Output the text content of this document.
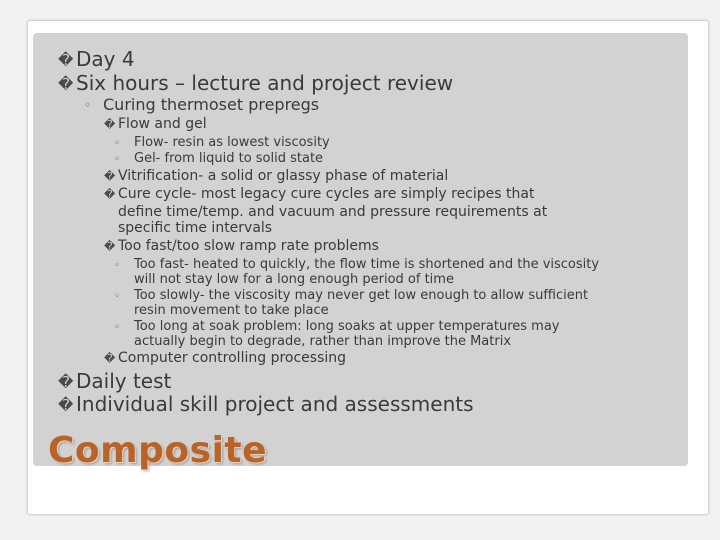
� Day 4
� Six hours – lecture and project review
◦ Curing thermoset prepregs
� Flow and gel
◦ Flow- resin as lowest viscosity
◦ Gel- from liquid to solid state
� Vitrification- a solid or glassy phase of material
� Cure cycle- most legacy cure cycles are simply recipes that
define time/temp. and vacuum and pressure requirements at
specific time intervals
� Too fast/too slow ramp rate problems
◦ Too fast- heated to quickly, the flow time is shortened and the viscosity
will not stay low for a long enough period of time
◦ Too slowly- the viscosity may never get low enough to allow sufficient
resin movement to take place
◦ Too long at soak problem: long soaks at upper temperatures may
actually begin to degrade, rather than improve the Matrix
� Computer controlling processing
� Daily test
� Individual skill project and assessments
Composite
